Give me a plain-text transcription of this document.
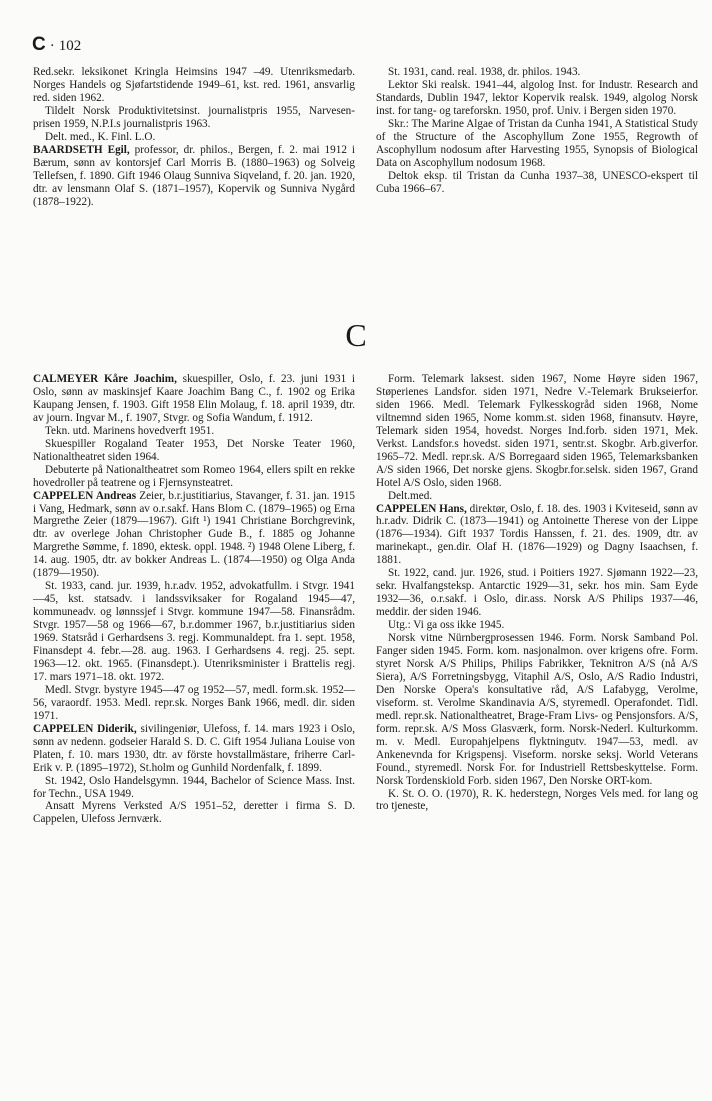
C · 102

Red.sekr. leksikonet Kringla Heimsins 1947 –49. Utenriksmedarb. Norges Handels og Sjøfartstidende 1949–61, kst. red. 1961, ansvarlig red. siden 1962.

Tildelt Norsk Produktivitetsinst. journalistpris 1955, Narvesen-prisen 1959, N.P.I.s journalistpris 1963.

Delt. med., K. Finl. L.O.

BAARDSETH Egil, professor, dr. philos., Bergen, f. 2. mai 1912 i Bærum, sønn av kontorsjef Carl Morris B. (1880–1963) og Solveig Tellefsen, f. 1890. Gift 1946 Olaug Sunniva Siqveland, f. 20. jan. 1920, dtr. av lensmann Olaf S. (1871–1957), Kopervik og Sunniva Nygård (1878–1922).

St. 1931, cand. real. 1938, dr. philos. 1943.

Lektor Ski realsk. 1941–44, algolog Inst. for Industr. Research and Standards, Dublin 1947, lektor Kopervik realsk. 1949, algolog Norsk inst. for tang- og tareforskn. 1950, prof. Univ. i Bergen siden 1970.

Skr.: The Marine Algae of Tristan da Cunha 1941, A Statistical Study of the Structure of the Ascophyllum Zone 1955, Regrowth of Ascophyllum nodosum after Harvesting 1955, Synopsis of Biological Data on Ascophyllum nodosum 1968.

Deltok eksp. til Tristan da Cunha 1937–38, UNESCO-ekspert til Cuba 1966–67.

C

CALMEYER Kåre Joachim, skuespiller, Oslo, f. 23. juni 1931 i Oslo, sønn av maskinsjef Kaare Joachim Bang C., f. 1902 og Erika Kaupang Jensen, f. 1903. Gift 1958 Elin Molaug, f. 18. april 1939, dtr. av journ. Ingvar M., f. 1907, Stvgr. og Sofia Wandum, f. 1912.

Tekn. utd. Marinens hovedverft 1951.

Skuespiller Rogaland Teater 1953, Det Norske Teater 1960, Nationaltheatret siden 1964.

Debuterte på Nationaltheatret som Romeo 1964, ellers spilt en rekke hovedroller på teatrene og i Fjernsynsteatret.

CAPPELEN Andreas Zeier, b.r.justitiarius, Stavanger, f. 31. jan. 1915 i Vang, Hedmark, sønn av o.r.sakf. Hans Blom C. (1879–1965) og Erna Margrethe Zeier (1879—1967). Gift ¹) 1941 Christiane Borchgrevink, dtr. av overlege Johan Christopher Gude B., f. 1885 og Johanne Margrethe Sømme, f. 1890, ektesk. oppl. 1948. ²) 1948 Olene Liberg, f. 14. aug. 1905, dtr. av bokker Andreas L. (1874—1950) og Olga Anda (1879—1950).

St. 1933, cand. jur. 1939, h.r.adv. 1952, advokatfullm. i Stvgr. 1941—45, kst. statsadv. i landssviksaker for Rogaland 1945—47, kommuneadv. og lønnssjef i Stvgr. kommune 1947—58. Finansrådm. Stvgr. 1957—58 og 1966—67, b.r.dommer 1967, b.r.justitiarius siden 1969. Statsråd i Gerhardsens 3. regj. Kommunaldept. fra 1. sept. 1958, Finansdept 4. febr.—28. aug. 1963. I Gerhardsens 4. regj. 25. sept. 1963—12. okt. 1965. (Finansdept.). Utenriksminister i Brattelis regj. 17. mars 1971–18. okt. 1972.

Medl. Stvgr. bystyre 1945—47 og 1952—57, medl. form.sk. 1952—56, varaordf. 1953. Medl. repr.sk. Norges Bank 1966, medl. dir. siden 1971.

CAPPELEN Diderik, sivilingeniør, Ulefoss, f. 14. mars 1923 i Oslo, sønn av nedenn. godseier Harald S. D. C. Gift 1954 Juliana Louise von Platen, f. 10. mars 1930, dtr. av förste hovstallmästare, friherre Carl-Erik v. P. (1895–1972), St.holm og Gunhild Nordenfalk, f. 1899.

St. 1942, Oslo Handelsgymn. 1944, Bachelor of Science Mass. Inst. for Techn., USA 1949.

Ansatt Myrens Verksted A/S 1951–52, deretter i firma S. D. Cappelen, Ulefoss Jernværk.

Form. Telemark laksest. siden 1967, Nome Høyre siden 1967, Støperienes Landsfor. siden 1971, Nedre V.-Telemark Brukseierfor. siden 1966. Medl. Telemark Fylkesskogråd siden 1968, Nome viltnemnd siden 1965, Nome komm.st. siden 1968, finansutv. Høyre, Telemark siden 1954, hovedst. Norges Ind.forb. siden 1971, Mek. Verkst. Landsfor.s hovedst. siden 1971, sentr.st. Skogbr. Arb.giverfor. 1965–72. Medl. repr.sk. A/S Borregaard siden 1965, Telemarksbanken A/S siden 1966, Det norske gjens. Skogbr.for.selsk. siden 1967, Grand Hotel A/S Oslo, siden 1968.

Delt.med.

CAPPELEN Hans, direktør, Oslo, f. 18. des. 1903 i Kviteseid, sønn av h.r.adv. Didrik C. (1873—1941) og Antoinette Therese von der Lippe (1876—1934). Gift 1937 Tordis Hanssen, f. 21. des. 1909, dtr. av marinekapt., gen.dir. Olaf H. (1876—1929) og Dagny Isaachsen, f. 1881.

St. 1922, cand. jur. 1926, stud. i Poitiers 1927. Sjømann 1922—23, sekr. Hvalfangsteksp. Antarctic 1929—31, sekr. hos min. Sam Eyde 1932—36, o.r.sakf. i Oslo, dir.ass. Norsk A/S Philips 1937—46, meddir. der siden 1946.

Utg.: Vi ga oss ikke 1945.

Norsk vitne Nürnbergprosessen 1946. Form. Norsk Samband Pol. Fanger siden 1945. Form. kom. nasjonalmon. over krigens ofre. Form. styret Norsk A/S Philips, Philips Fabrikker, Teknitron A/S (nå A/S Siera), A/S Forretningsbygg, Vitaphil A/S, Oslo, A/S Radio Industri, Den Norske Opera's konsultative råd, A/S Lafabygg, Verolme, viseform. st. Verolme Skandinavia A/S, styremedl. Operafondet. Tidl. medl. repr.sk. Nationaltheatret, Brage-Fram Livs- og Pensjonsfors. A/S, form. repr.sk. A/S Moss Glasværk, form. Norsk-Nederl. Kulturkomm. m. v. Medl. Europahjelpens flyktningutv. 1947—53, medl. av Ankenevnda for Krigspensj. Viseform. norske seksj. World Veterans Found., styremedl. Norsk For. for Industriell Rettsbeskyttelse. Form. Norsk Tordenskiold Forb. siden 1967, Den Norske ORT-kom.

K. St. O. O. (1970), R. K. hederstegn, Norges Vels med. for lang og tro tjeneste,
